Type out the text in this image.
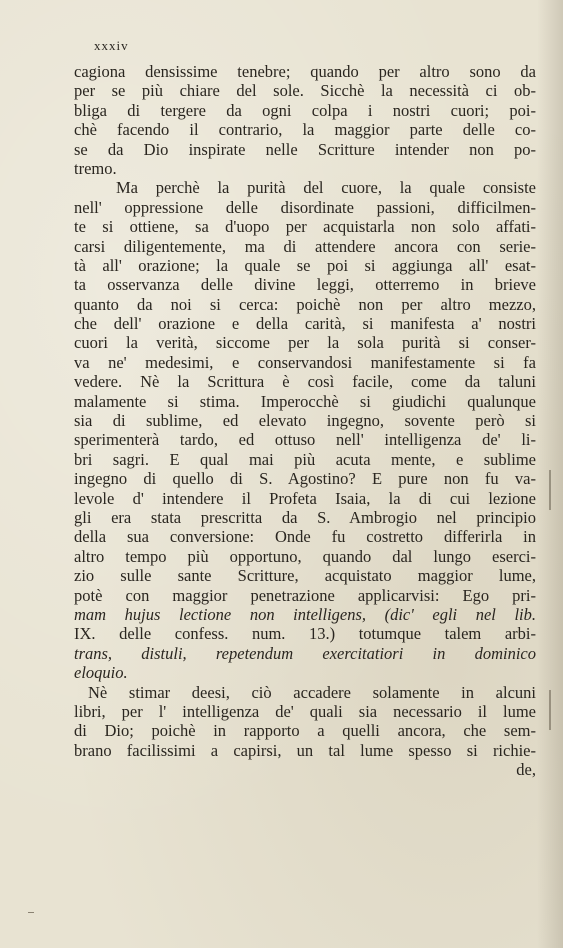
xxxiv
cagiona densissime tenebre; quando per altro sono da
per se più chiare del sole. Sicchè la necessità ci ob-
bliga di tergere da ogni colpa i nostri cuori; poi-
chè facendo il contrario, la maggior parte delle co-
se da Dio inspirate nelle Scritture intender non po-
tremo.
Ma perchè la purità del cuore, la quale consiste
nell' oppressione delle disordinate passioni, difficilmen-
te si ottiene, sa d'uopo per acquistarla non solo affati-
carsi diligentemente, ma di attendere ancora con serie-
tà all' orazione; la quale se poi si aggiunga all' esat-
ta osservanza delle divine leggi, otterremo in brieve
quanto da noi si cerca: poichè non per altro mezzo,
che dell' orazione e della carità, si manifesta a' nostri
cuori la verità, siccome per la sola purità si conser-
va ne' medesimi, e conservandosi manifestamente si fa
vedere. Nè la Scrittura è così facile, come da taluni
malamente si stima. Imperocchè si giudichi qualunque
sia di sublime, ed elevato ingegno, sovente però si
sperimenterà tardo, ed ottuso nell' intelligenza de' li-
bri sagri. E qual mai più acuta mente, e sublime
ingegno di quello di S. Agostino? E pure non fu va-
levole d' intendere il Profeta Isaia, la di cui lezione
gli era stata prescritta da S. Ambrogio nel principio
della sua conversione: Onde fu costretto differirla in
altro tempo più opportuno, quando dal lungo eserci-
zio sulle sante Scritture, acquistato maggior lume,
potè con maggior penetrazione applicarvisi: Ego pri-
mam hujus lectione non intelligens, (dic' egli nel lib.
IX. delle confess. num. 13.) totumque talem arbi-
trans, distuli, repetendum exercitatiori in dominico
eloquio.
Nè stimar deesi, ciò accadere solamente in alcuni
libri, per l' intelligenza de' quali sia necessario il lume
di Dio; poichè in rapporto a quelli ancora, che sem-
brano facilissimi a capirsi, un tal lume spesso si richie-
de,
